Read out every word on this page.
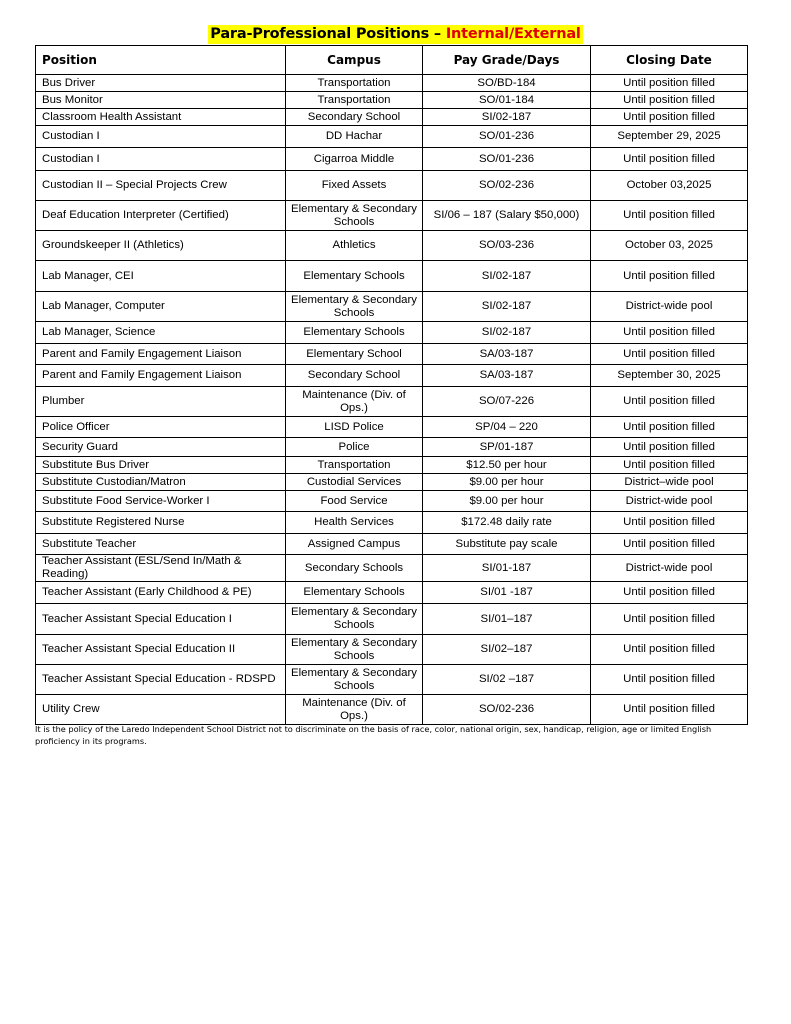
Para-Professional Positions – Internal/External
Position	Campus	Pay Grade/Days	Closing Date
Bus Driver	Transportation	SO/BD-184	Until position filled
Bus Monitor	Transportation	SO/01-184	Until position filled
Classroom Health Assistant	Secondary School	SI/02-187	Until position filled
Custodian I	DD Hachar	SO/01-236	September 29, 2025
Custodian I	Cigarroa Middle	SO/01-236	Until position filled
Custodian II – Special Projects Crew	Fixed Assets	SO/02-236	October 03,2025
Deaf Education Interpreter (Certified)	Elementary & Secondary Schools	SI/06 – 187 (Salary $50,000)	Until position filled
Groundskeeper II (Athletics)	Athletics	SO/03-236	October 03, 2025
Lab Manager, CEI	Elementary Schools	SI/02-187	Until position filled
Lab Manager, Computer	Elementary & Secondary Schools	SI/02-187	District-wide pool
Lab Manager, Science	Elementary Schools	SI/02-187	Until position filled
Parent and Family Engagement Liaison	Elementary School	SA/03-187	Until position filled
Parent and Family Engagement Liaison	Secondary School	SA/03-187	September 30, 2025
Plumber	Maintenance (Div. of Ops.)	SO/07-226	Until position filled
Police Officer	LISD Police	SP/04 – 220	Until position filled
Security Guard	Police	SP/01-187	Until position filled
Substitute Bus Driver	Transportation	$12.50 per hour	Until position filled
Substitute Custodian/Matron	Custodial Services	$9.00 per hour	District–wide pool
Substitute Food Service-Worker I	Food Service	$9.00 per hour	District-wide pool
Substitute Registered Nurse	Health Services	$172.48 daily rate	Until position filled
Substitute Teacher	Assigned Campus	Substitute pay scale	Until position filled
Teacher Assistant (ESL/Send In/Math & Reading)	Secondary Schools	SI/01-187	District-wide pool
Teacher Assistant (Early Childhood & PE)	Elementary Schools	SI/01 -187	Until position filled
Teacher Assistant Special Education I	Elementary & Secondary Schools	SI/01–187	Until position filled
Teacher Assistant Special Education II	Elementary & Secondary Schools	SI/02–187	Until position filled
Teacher Assistant Special Education - RDSPD	Elementary & Secondary Schools	SI/02 –187	Until position filled
Utility Crew	Maintenance (Div. of Ops.)	SO/02-236	Until position filled
It is the policy of the Laredo Independent School District not to discriminate on the basis of race, color, national origin, sex, handicap, religion, age or limited English proficiency in its programs.
